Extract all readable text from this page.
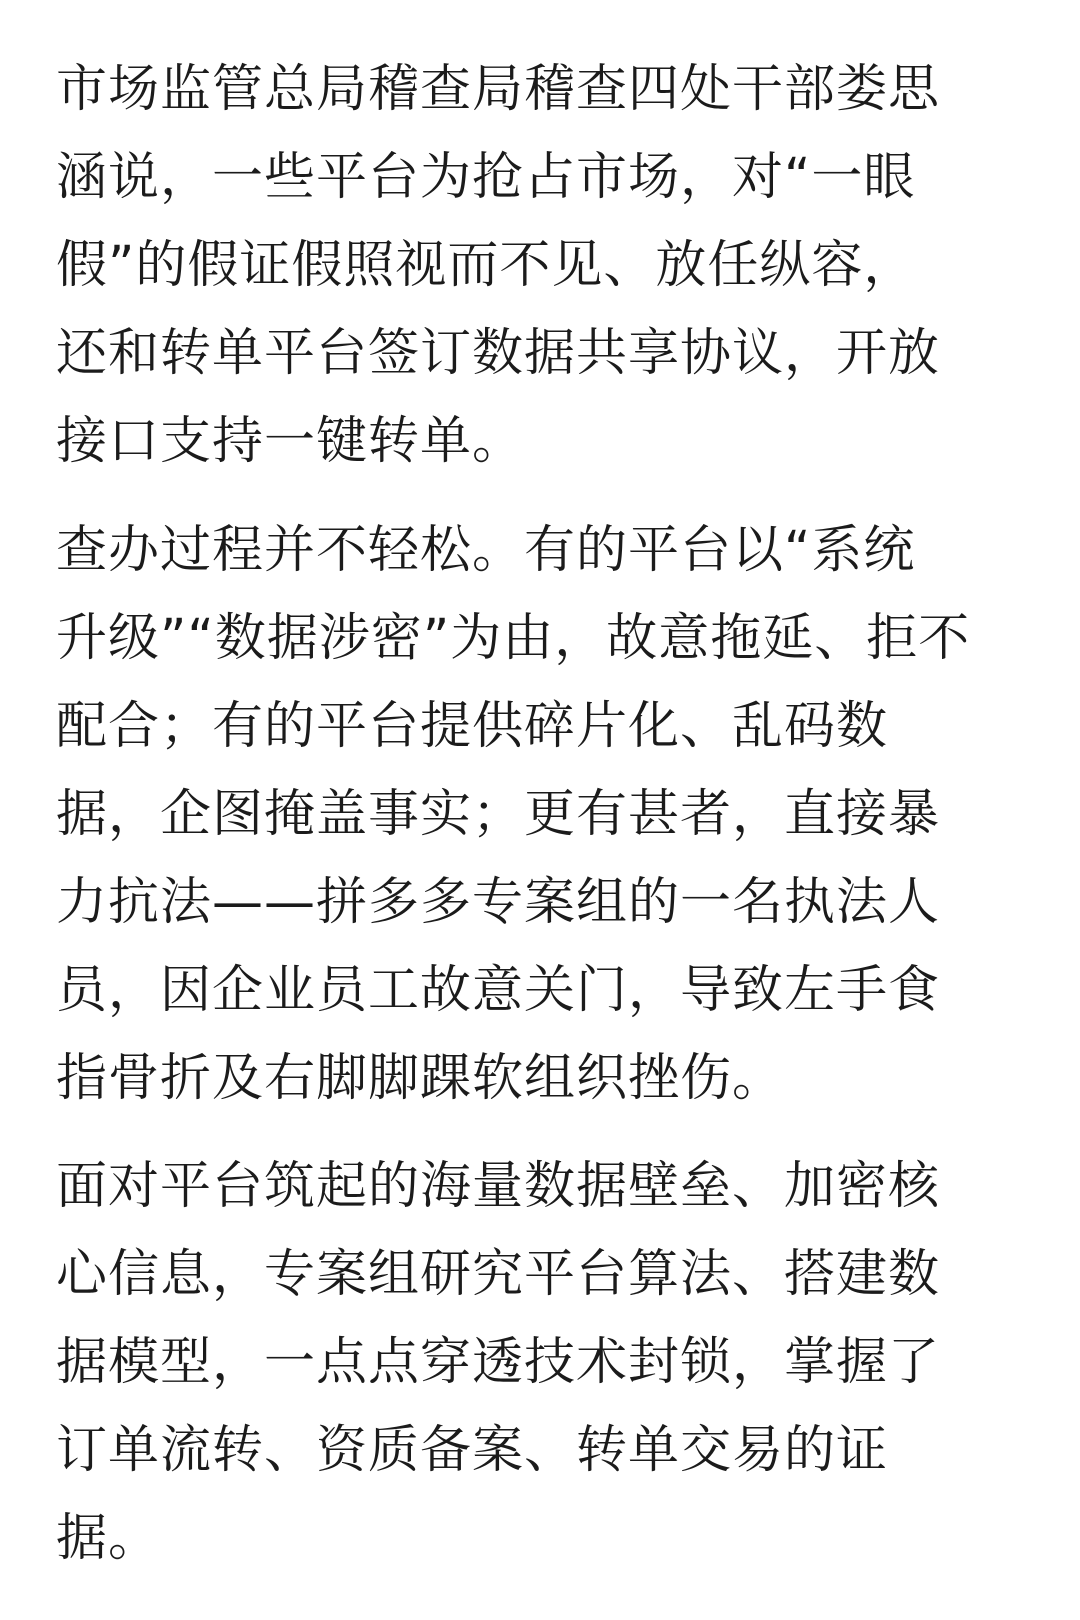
市场监管总局稽查局稽查四处干部娄思
涵说，一些平台为抢占市场，对“一眼
假”的假证假照视而不见、放任纵容，
还和转单平台签订数据共享协议，开放
接口支持一键转单。
查办过程并不轻松。有的平台以“系统
升级”“数据涉密”为由，故意拖延、拒不
配合；有的平台提供碎片化、乱码数
据，企图掩盖事实；更有甚者，直接暴
力抗法——拼多多专案组的一名执法人
员，因企业员工故意关门，导致左手食
指骨折及右脚脚踝软组织挫伤。
面对平台筑起的海量数据壁垒、加密核
心信息，专案组研究平台算法、搭建数
据模型，一点点穿透技术封锁，掌握了
订单流转、资质备案、转单交易的证
据。
